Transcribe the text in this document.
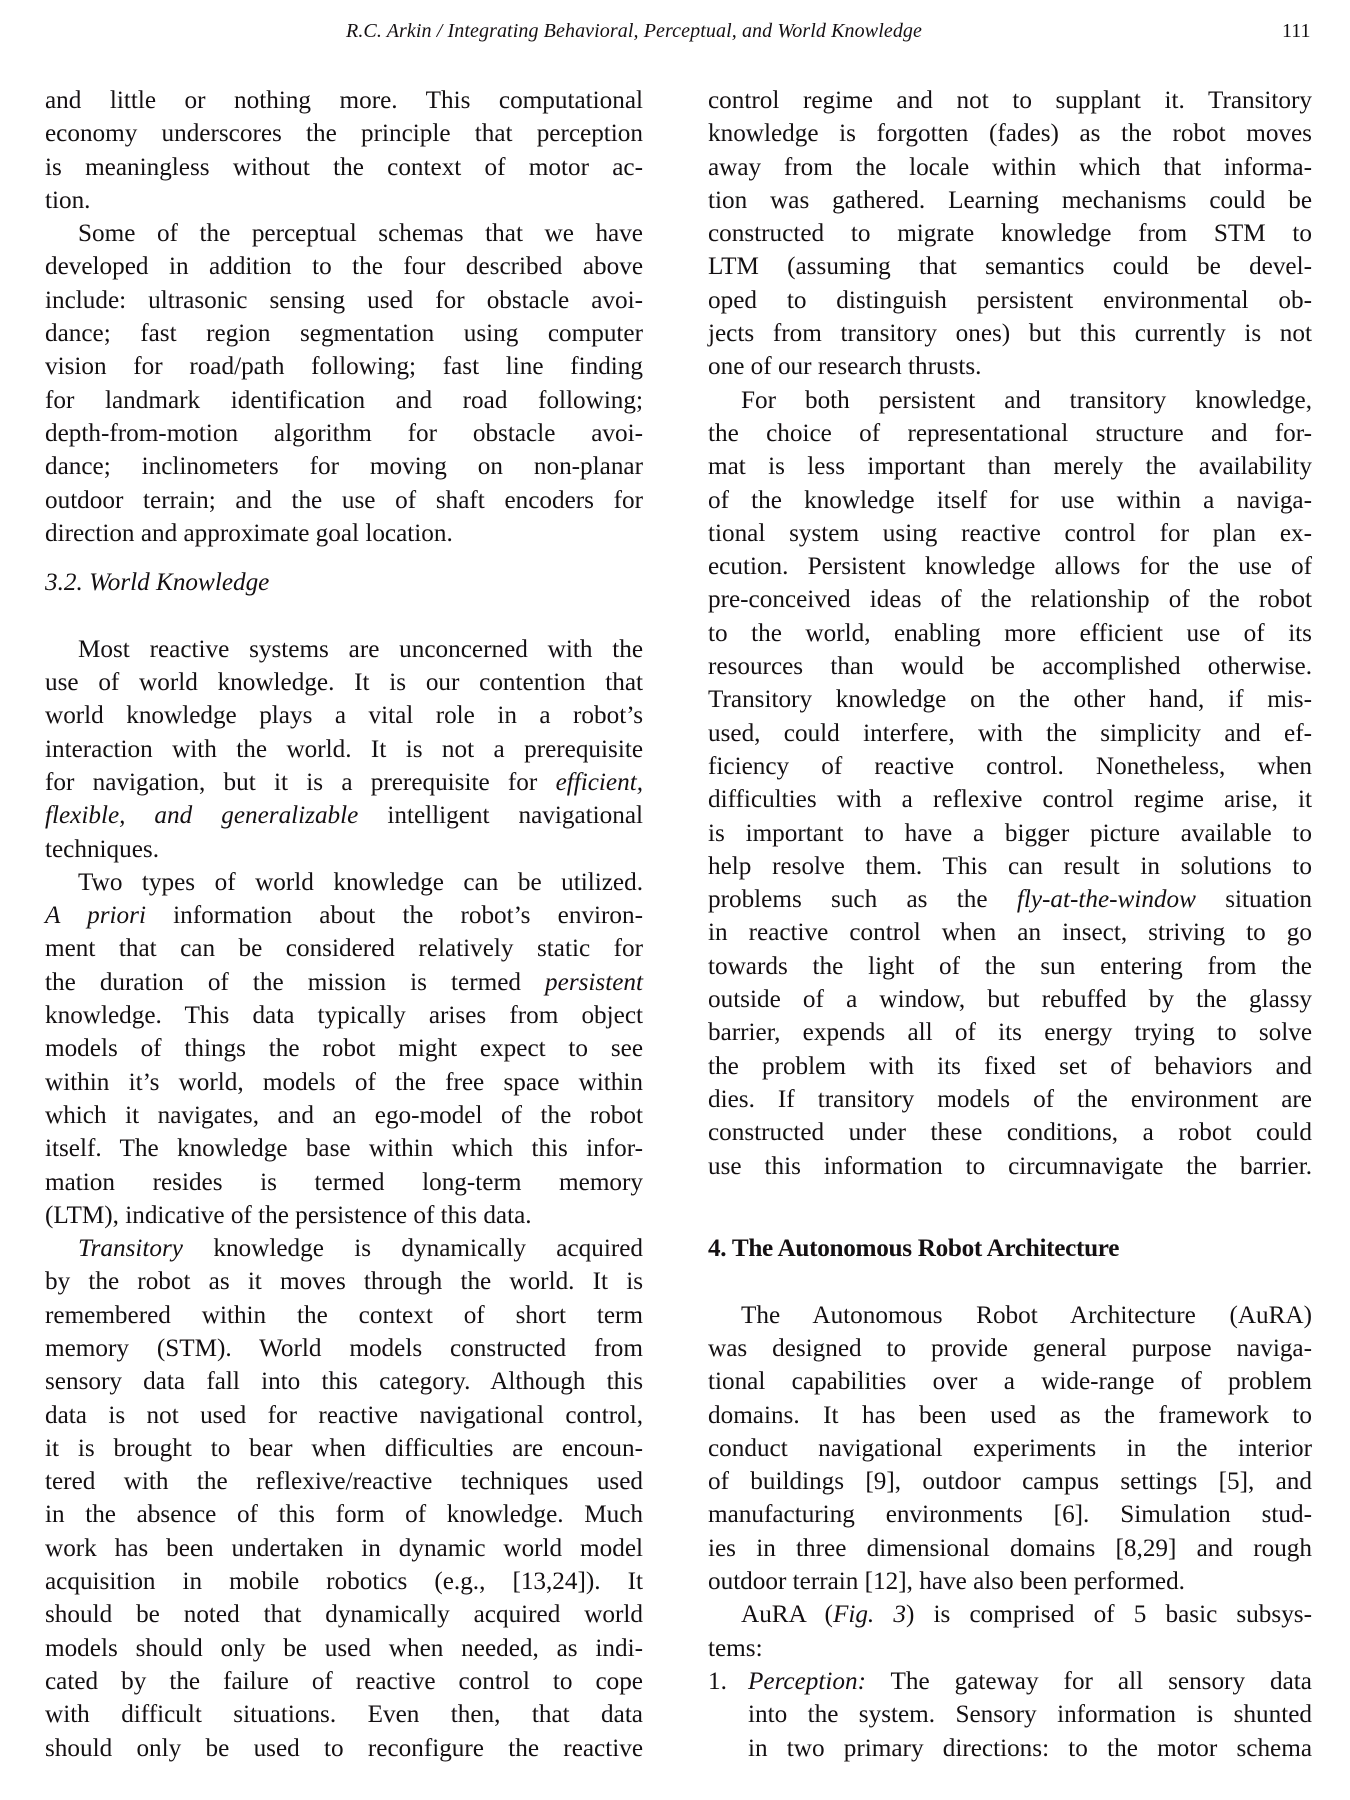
R.C. Arkin / Integrating Behavioral, Perceptual, and World Knowledge	111
and little or nothing more. This computational
economy underscores the principle that perception
is meaningless without the context of motor ac-
tion.
Some of the perceptual schemas that we have
developed in addition to the four described above
include: ultrasonic sensing used for obstacle avoi-
dance; fast region segmentation using computer
vision for road/path following; fast line finding
for landmark identification and road following;
depth-from-motion algorithm for obstacle avoi-
dance; inclinometers for moving on non-planar
outdoor terrain; and the use of shaft encoders for
direction and approximate goal location.
3.2. World Knowledge
Most reactive systems are unconcerned with the
use of world knowledge. It is our contention that
world knowledge plays a vital role in a robot’s
interaction with the world. It is not a prerequisite
for navigation, but it is a prerequisite for efficient,
flexible, and generalizable intelligent navigational
techniques.
Two types of world knowledge can be utilized.
A priori information about the robot’s environ-
ment that can be considered relatively static for
the duration of the mission is termed persistent
knowledge. This data typically arises from object
models of things the robot might expect to see
within it’s world, models of the free space within
which it navigates, and an ego-model of the robot
itself. The knowledge base within which this infor-
mation resides is termed long-term memory
(LTM), indicative of the persistence of this data.
Transitory knowledge is dynamically acquired
by the robot as it moves through the world. It is
remembered within the context of short term
memory (STM). World models constructed from
sensory data fall into this category. Although this
data is not used for reactive navigational control,
it is brought to bear when difficulties are encoun-
tered with the reflexive/reactive techniques used
in the absence of this form of knowledge. Much
work has been undertaken in dynamic world model
acquisition in mobile robotics (e.g., [13,24]). It
should be noted that dynamically acquired world
models should only be used when needed, as indi-
cated by the failure of reactive control to cope
with difficult situations. Even then, that data
should only be used to reconfigure the reactive
control regime and not to supplant it. Transitory
knowledge is forgotten (fades) as the robot moves
away from the locale within which that informa-
tion was gathered. Learning mechanisms could be
constructed to migrate knowledge from STM to
LTM (assuming that semantics could be devel-
oped to distinguish persistent environmental ob-
jects from transitory ones) but this currently is not
one of our research thrusts.
For both persistent and transitory knowledge,
the choice of representational structure and for-
mat is less important than merely the availability
of the knowledge itself for use within a naviga-
tional system using reactive control for plan ex-
ecution. Persistent knowledge allows for the use of
pre-conceived ideas of the relationship of the robot
to the world, enabling more efficient use of its
resources than would be accomplished otherwise.
Transitory knowledge on the other hand, if mis-
used, could interfere, with the simplicity and ef-
ficiency of reactive control. Nonetheless, when
difficulties with a reflexive control regime arise, it
is important to have a bigger picture available to
help resolve them. This can result in solutions to
problems such as the fly-at-the-window situation
in reactive control when an insect, striving to go
towards the light of the sun entering from the
outside of a window, but rebuffed by the glassy
barrier, expends all of its energy trying to solve
the problem with its fixed set of behaviors and
dies. If transitory models of the environment are
constructed under these conditions, a robot could
use this information to circumnavigate the barrier.
4. The Autonomous Robot Architecture
The Autonomous Robot Architecture (AuRA)
was designed to provide general purpose naviga-
tional capabilities over a wide-range of problem
domains. It has been used as the framework to
conduct navigational experiments in the interior
of buildings [9], outdoor campus settings [5], and
manufacturing environments [6]. Simulation stud-
ies in three dimensional domains [8,29] and rough
outdoor terrain [12], have also been performed.
AuRA (Fig. 3) is comprised of 5 basic subsys-
tems:
1. Perception: The gateway for all sensory data
into the system. Sensory information is shunted
in two primary directions: to the motor schema
